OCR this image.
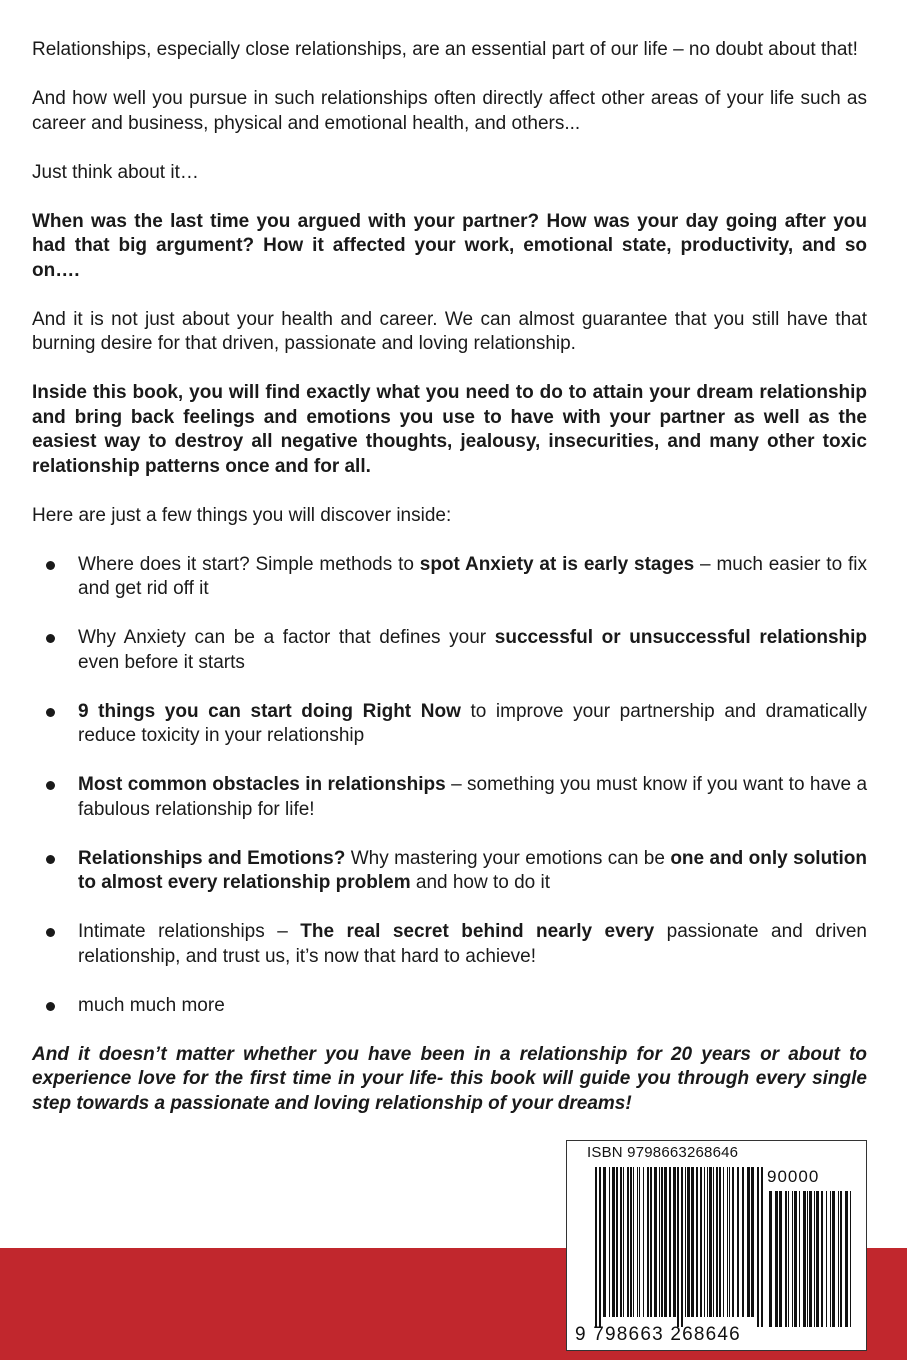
Relationships, especially close relationships, are an essential part of our life – no doubt about that!

And how well you pursue in such relationships often directly affect other areas of your life such as career and business, physical and emotional health, and others...

Just think about it…

When was the last time you argued with your partner? How was your day going after you had that big argument? How it affected your work, emotional state, productivity, and so on….

And it is not just about your health and career. We can almost guarantee that you still have that burning desire for that driven, passionate and loving relationship.

Inside this book, you will find exactly what you need to do to attain your dream relationship and bring back feelings and emotions you use to have with your partner as well as the easiest way to destroy all negative thoughts, jealousy, insecurities, and many other toxic relationship patterns once and for all.

Here are just a few things you will discover inside:

Where does it start? Simple methods to spot Anxiety at is early stages – much easier to fix and get rid off it
Why Anxiety can be a factor that defines your successful or unsuccessful relationship even before it starts
9 things you can start doing Right Now to improve your partnership and dramatically reduce toxicity in your relationship
Most common obstacles in relationships – something you must know if you want to have a fabulous relationship for life!
Relationships and Emotions? Why mastering your emotions can be one and only solution to almost every relationship problem and how to do it
Intimate relationships – The real secret behind nearly every passionate and driven relationship, and trust us, it’s now that hard to achieve!
much much more

And it doesn’t matter whether you have been in a relationship for 20 years or about to experience love for the first time in your life- this book will guide you through every single step towards a passionate and loving relationship of your dreams!

ISBN 9798663268646
90000
9 798663 268646
